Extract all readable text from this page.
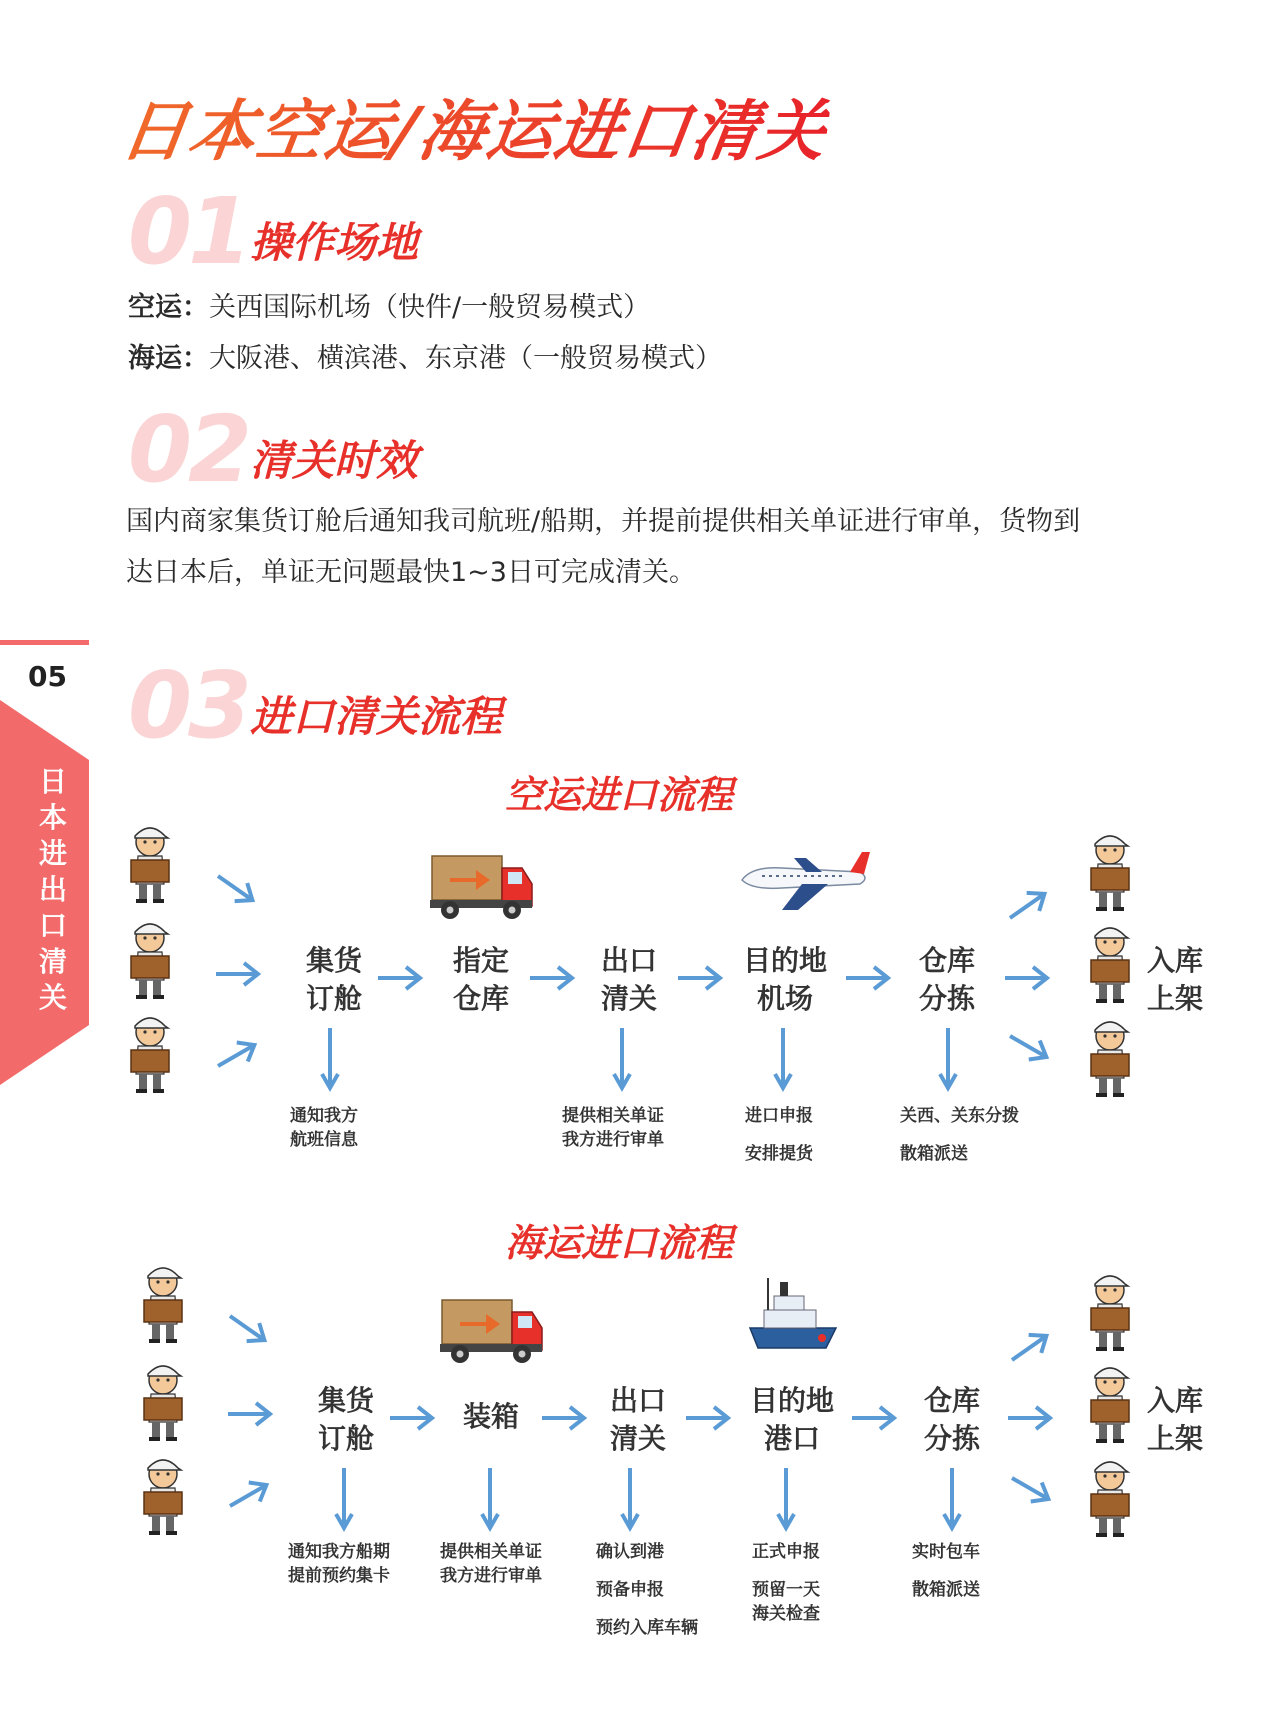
日本空运/海运进口清关
01 操作场地
空运：关西国际机场（快件/一般贸易模式）
海运：大阪港、横滨港、东京港（一般贸易模式）
02 清关时效
国内商家集货订舱后通知我司航班/船期，并提前提供相关单证进行审单，货物到
达日本后，单证无问题最快1~3日可完成清关。
05
日本进出口清关
03 进口清关流程
空运进口流程
集货
订舱
指定
仓库
出口
清关
目的地
机场
仓库
分拣
入库
上架
通知我方
航班信息
提供相关单证
我方进行审单
进口申报
安排提货
关西、关东分拨
散箱派送
海运进口流程
集货
订舱
装箱	出口
清关
目的地
港口
仓库
分拣
入库
上架
通知我方船期
提前预约集卡
提供相关单证
我方进行审单
确认到港
预备申报
预约入库车辆
正式申报
预留一天
海关检查
实时包车
散箱派送
